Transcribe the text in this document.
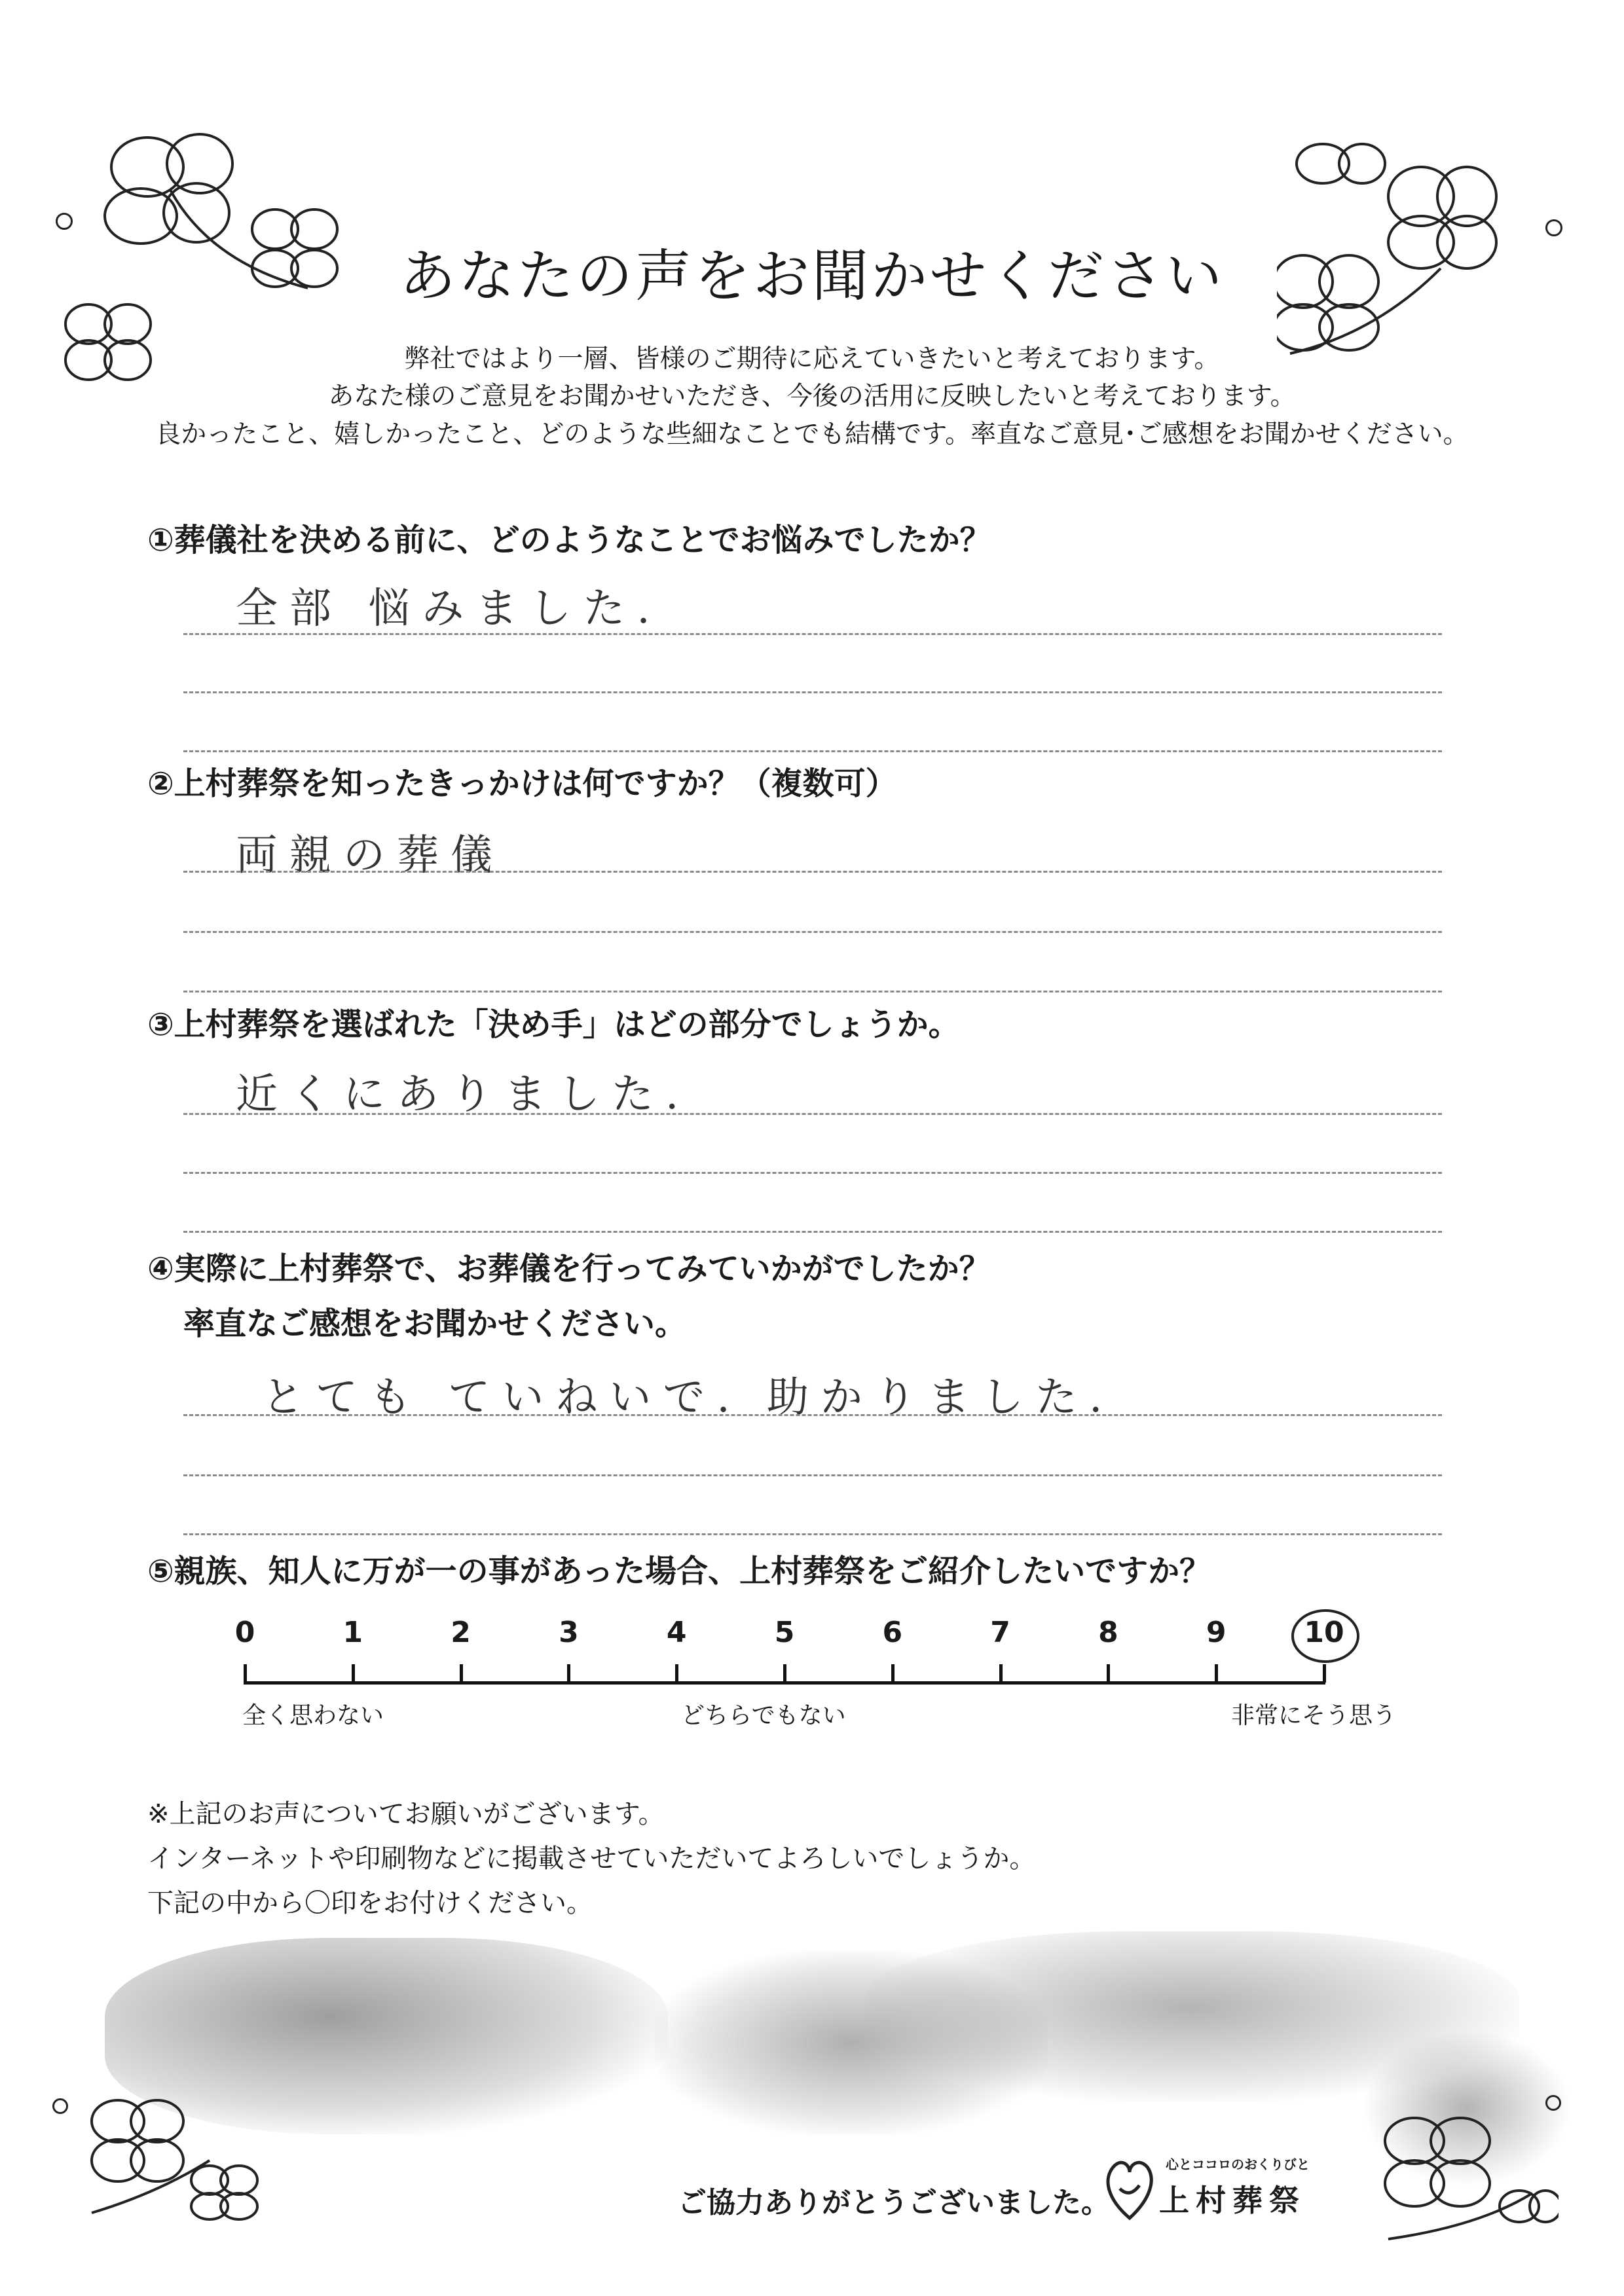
あなたの声をお聞かせください
弊社ではより一層、皆様のご期待に応えていきたいと考えております。
あなた様のご意見をお聞かせいただき、今後の活用に反映したいと考えております。
良かったこと、嬉しかったこと、どのような些細なことでも結構です。率直なご意見･ご感想をお聞かせください。
①葬儀社を決める前に、どのようなことでお悩みでしたか？
全部 悩みました.
②上村葬祭を知ったきっかけは何ですか？（複数可）
両親の葬儀
③上村葬祭を選ばれた「決め手」はどの部分でしょうか。
近くにありました.
④実際に上村葬祭で、お葬儀を行ってみていかがでしたか？
率直なご感想をお聞かせください。
とても ていねいで. 助かりました.
⑤親族、知人に万が一の事があった場合、上村葬祭をご紹介したいですか？
全く思わない	どちらでもない	非常にそう思う
※上記のお声についてお願いがございます。
インターネットや印刷物などに掲載させていただいてよろしいでしょうか。
下記の中から〇印をお付けください。
ご協力ありがとうございました。
心とココロのおくりびと
上村葬祭
0	1	2	3	4	5	6	7	8	9	10
